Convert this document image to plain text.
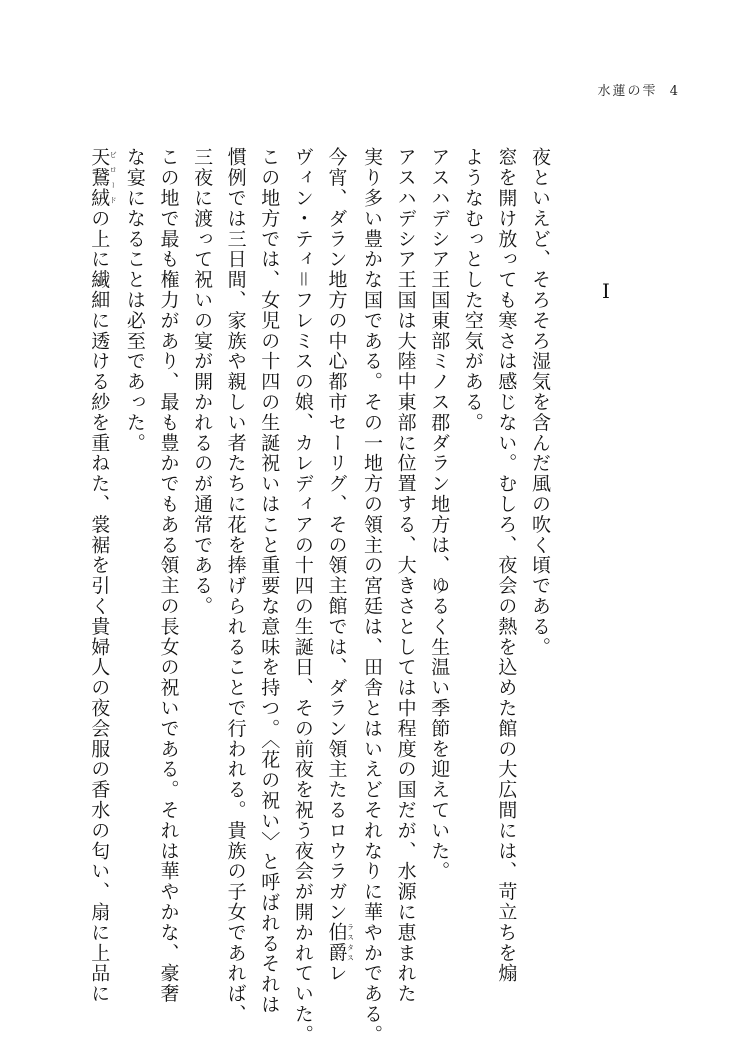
水蓮の雫 4
I
夜といえど、そろそろ湿気を含んだ風の吹く頃である。
窓を開け放っても寒さは感じない。むしろ、夜会の熱を込めた館の大広間には、苛立ちを煽
ようなむっとした空気がある。
アスハデシア王国東部ミノス郡ダラン地方は、ゆるく生温い季節を迎えていた。
アスハデシア王国は大陸中東部に位置する、大きさとしては中程度の国だが、水源に恵まれた
実り多い豊かな国である。その一地方の領主の宮廷は、田舎とはいえどそれなりに華やかである。
今宵、ダラン地方の中心都市セーリグ、その領主館では、ダラン領主たるロウラガン伯爵 ラスタスレ
ヴィン・ティ＝フレミスの娘、カレディアの十四の生誕日、その前夜を祝う夜会が開かれていた。
この地方では、女児の十四の生誕祝いはこと重要な意味を持つ。〈花の祝い〉と呼ばれるそれは
慣例では三日間、家族や親しい者たちに花を捧げられることで行われる。貴族の子女であれば、
三夜に渡って祝いの宴が開かれるのが通常である。
この地で最も権力があり、最も豊かでもある領主の長女の祝いである。それは華やかな、豪奢
な宴になることは必至であった。
天鵞絨 ビロードの上に繊細に透ける紗を重ねた、裳裾を引く貴婦人の夜会服の香水の匂い、扇に上品に
